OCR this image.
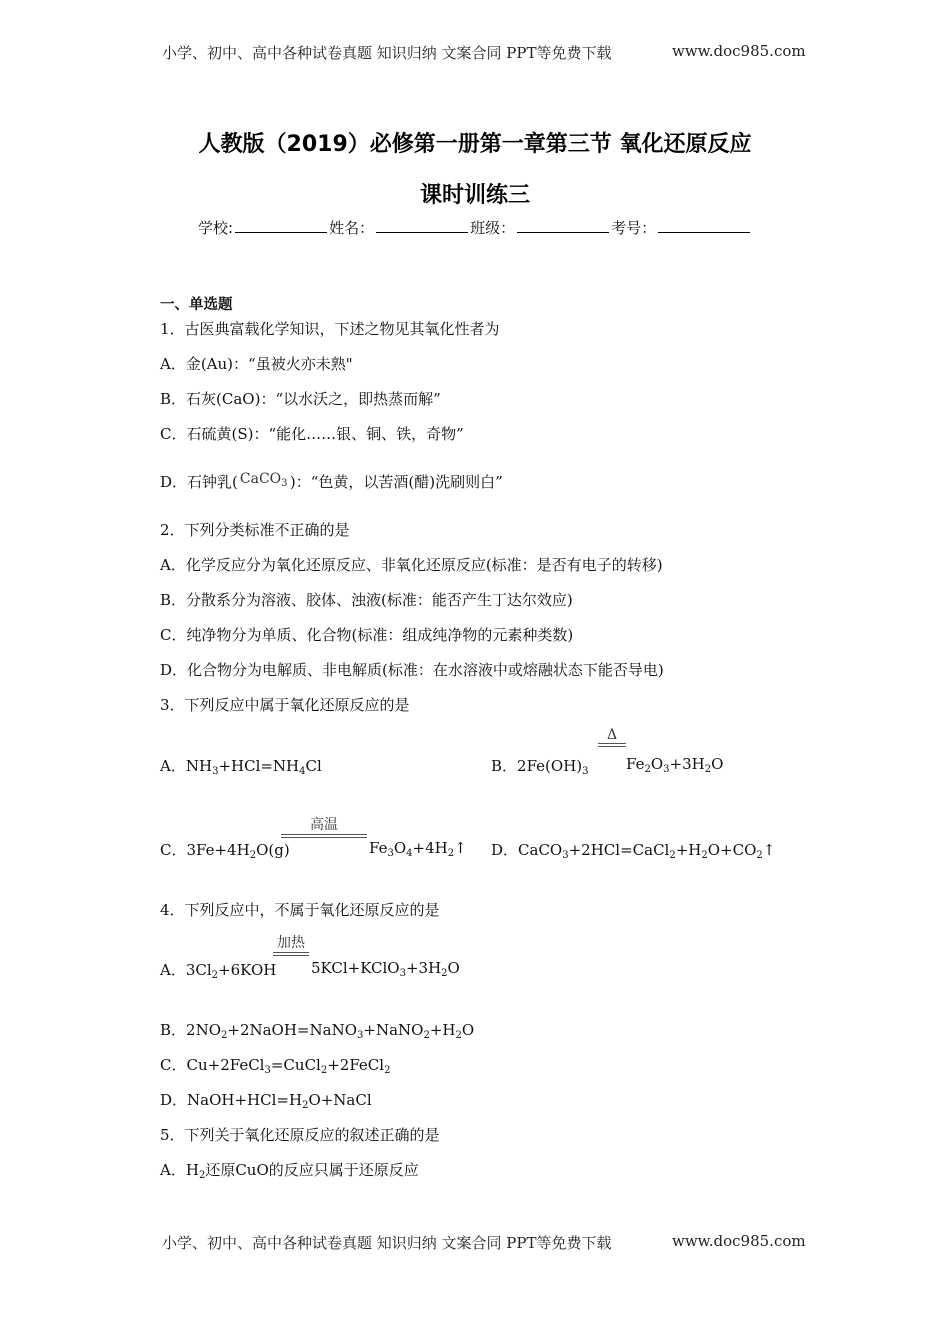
小学、初中、高中各种试卷真题 知识归纳 文案合同 PPT等免费下载	www.doc985.com
人教版（2019）必修第一册第一章第三节 氧化还原反应
课时训练三
学校:	姓名：	班级：	考号：
一、单选题
1．古医典富载化学知识，下述之物见其氧化性者为
A．金(Au)：“虽被火亦未熟"
B．石灰(CaO)：“以水沃之，即热蒸而解”
C．石硫黄(S)：“能化……银、铜、铁，奇物”
D．石钟乳( CaCO$_3$ )：“色黄，以苦酒(醋)洗刷则白”
2．下列分类标准不正确的是
A．化学反应分为氧化还原反应、非氧化还原反应(标准：是否有电子的转移)
B．分散系分为溶液、胶体、浊液(标准：能否产生丁达尔效应)
C．纯净物分为单质、化合物(标准：组成纯净物的元素种类数)
D．化合物分为电解质、非电解质(标准：在水溶液中或熔融状态下能否导电)
3．下列反应中属于氧化还原反应的是
A．$NH_3+HCl=NH_4Cl$	B．$2Fe(OH)_3$
Δ
$Fe_2O_3+3H_2O$
C．$3Fe+4H_2O(g)$
高温
$Fe_3O_4+4H_2↑$ D．$CaCO_3+2HCl=CaCl_2+H_2O+CO_2↑$
4．下列反应中，不属于氧化还原反应的是
A．$3Cl_2+6KOH$
加热
$5KCl+KClO_3+3H_2O$
B．$2NO_2+2NaOH=NaNO_3+NaNO_2+H_2O$
C．Cu+2FeCl$_3$=CuCl$_2$+2FeCl$_2$
D．$NaOH+HCl=H_2O+NaCl$
5．下列关于氧化还原反应的叙述正确的是
A．$H_2$还原CuO的反应只属于还原反应
小学、初中、高中各种试卷真题 知识归纳 文案合同 PPT等免费下载	www.doc985.com
